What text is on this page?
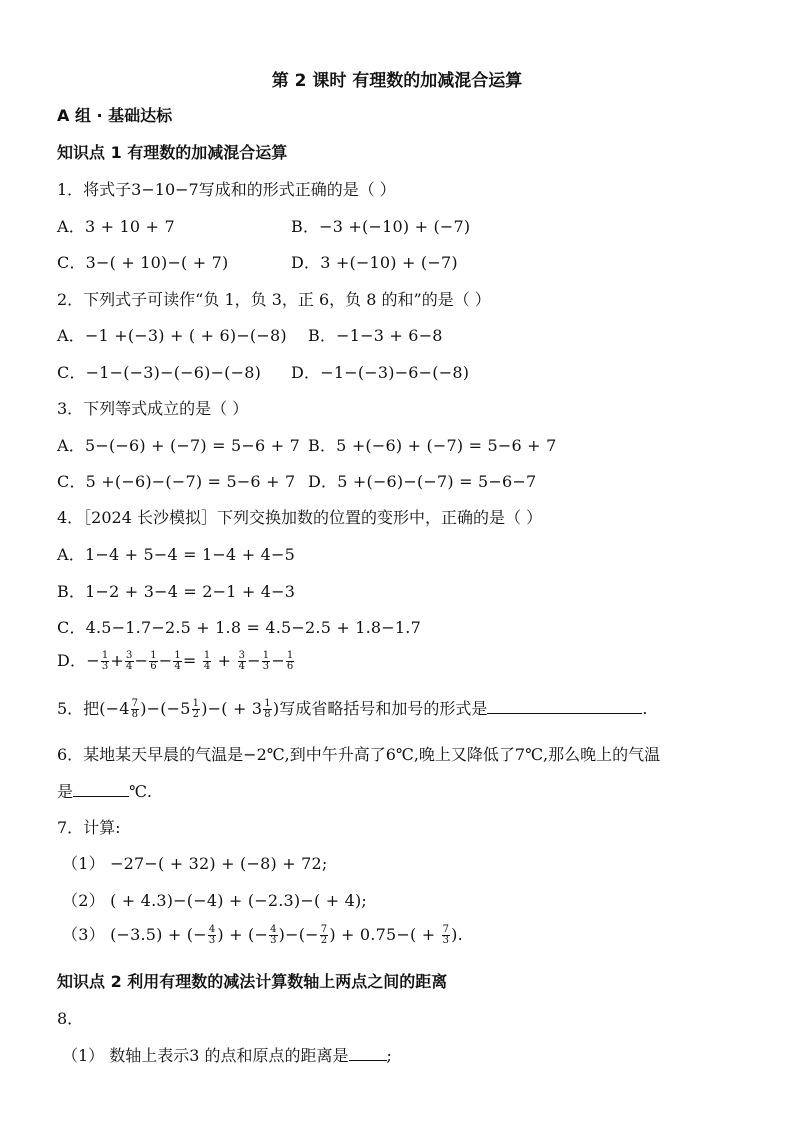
第 2 课时 有理数的加减混合运算
A 组 · 基础达标
知识点 1 有理数的加减混合运算
1．将式子3−10−7写成和的形式正确的是（ ）
A．3 + 10 + 7	B．−3 +(−10) + (−7)
C．3−( + 10)−( + 7)	D．3 +(−10) + (−7)
2．下列式子可读作“负 1，负 3，正 6，负 8 的和”的是（ ）
A．−1 +(−3) + ( + 6)−(−8) B．−1−3 + 6−8
C．−1−(−3)−(−6)−(−8) D．−1−(−3)−6−(−8)
3．下列等式成立的是（ ）
A．5−(−6) + (−7) = 5−6 + 7 B．5 +(−6) + (−7) = 5−6 + 7
C．5 +(−6)−(−7) = 5−6 + 7 D．5 +(−6)−(−7) = 5−6−7
4．［2024 长沙模拟］下列交换加数的位置的变形中，正确的是（ ）
A．1−4 + 5−4 = 1−4 + 4−5
B．1−2 + 3−4 = 2−1 + 4−3
C．4.5−1.7−2.5 + 1.8 = 4.5−2.5 + 1.8−1.7
D．− $\frac{1}{3} + \frac{3}{4} - \frac{1}{6} - \frac{1}{4} = \frac{1}{4} + \frac{3}{4} - \frac{1}{3} - \frac{1}{6}$
5．把$(-4 \frac{7}{8} )-(-5 \frac{1}{2}$ )−( + $3 \frac{1}{8}$ )写成省略括号和加号的形式是	.
6．某地某天早晨的气温是−2℃,到中午升高了6℃,晚上又降低了7℃,那么晚上的气温
是	℃.
7．计算:
（1） −27−( + 32) + (−8) + 72;
（2） ( + 4.3)−(−4) + (−2.3)−( + 4);
（3） (−3.5) + (− $\frac{4}{3}$ ) + (− $\frac{4}{3}$ )−(− $\frac{7}{2}$ ) + $0.75-( + \frac{7}{3}$ ).
知识点 2 利用有理数的减法计算数轴上两点之间的距离
8．
（1） 数轴上表示3 的点和原点的距离是 ;
